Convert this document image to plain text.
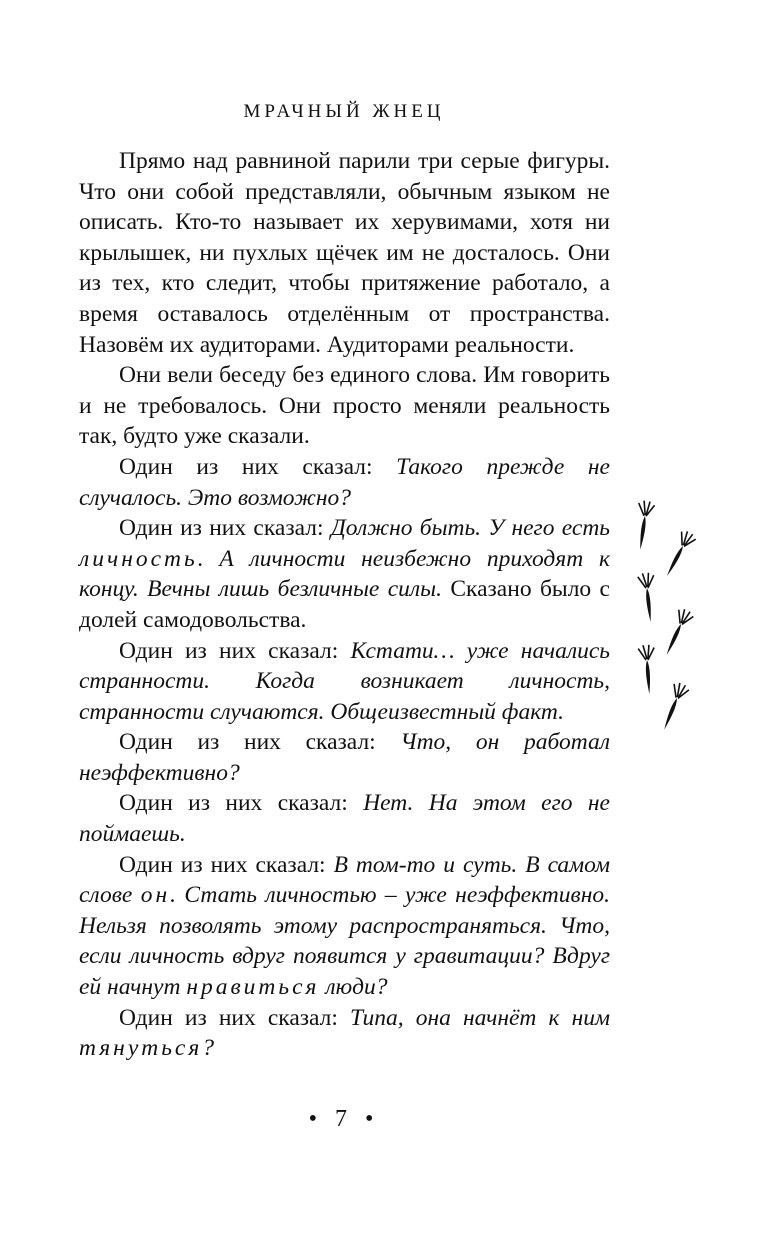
МРАЧНЫЙ ЖНЕЦ

Прямо над равниной парили три серые фигуры. Что они собой представляли, обычным языком не описать. Кто-то называет их херувимами, хотя ни крылышек, ни пухлых щёчек им не досталось. Они из тех, кто следит, чтобы притяжение работало, а время оставалось отделённым от пространства. Назовём их аудиторами. Аудиторами реальности.

Они вели беседу без единого слова. Им говорить и не требовалось. Они просто меняли реальность так, будто уже сказали.

Один из них сказал: Такого прежде не случалось. Это возможно?

Один из них сказал: Должно быть. У него есть личность. А личности неизбежно приходят к концу. Вечны лишь безличные силы. Сказано было с долей самодовольства.

Один из них сказал: Кстати… уже начались странности. Когда возникает личность, странности случаются. Общеизвестный факт.

Один из них сказал: Что, он работал неэффективно?

Один из них сказал: Нет. На этом его не поймаешь.

Один из них сказал: В том-то и суть. В самом слове он. Стать личностью – уже неэффективно. Нельзя позволять этому распространяться. Что, если личность вдруг появится у гравитации? Вдруг ей начнут нравиться люди?

Один из них сказал: Типа, она начнёт к ним тянуться?

• 7 •
